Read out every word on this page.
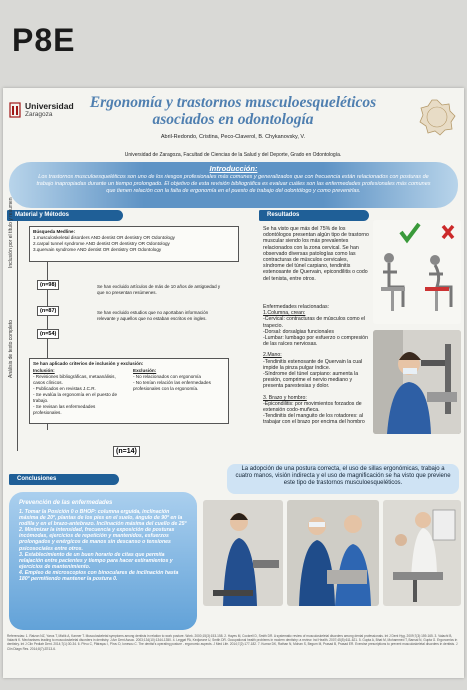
P8E
Universidad
Zaragoza
Ergonomía y trastornos musculoesqueléticos asociados en odontología
Abril-Redondo, Cristina, Peco-Claverol, B. Chykanovsky, V.
Universidad de Zaragoza, Facultad de Ciencias de la Salud y del Deporte, Grado en Odontología.
Introducción:

Los trastornos musculoesqueléticos son uno de los riesgos profesionales más comunes y generalizados que con frecuencia están relacionados con posturas de trabajo inapropiadas durante un tiempo prolongado. El objetivo de esta revisión bibliográfica es evaluar cuáles son las enfermedades profesionales más comunes que tienen relación con la falta de ergonomía en el puesto de trabajo del odontólogo y como prevenirlas.

Material y Métodos
Inclusión por el título y resumen
Análisis de texto completo
Búsqueda Medline:
1.musculoskeletal disorders AND dentist OR dentistry OR Odontology
2.carpal tunnel syndrome AND dentist OR dentistry OR Odontology
3.quervain syndrome AND dentist OR dentistry OR Odontology
(n=98)	Se han excluido artículos de más de 10 años de antigüedad y que no presentan resúmenes.
(n=87)	Se han excluido estudios que no aportaban información relevante y aquellos que no estaban escritos en ingles.
(n=54)
Se han aplicado criterios de inclusión y exclusión:
Inclusión:
- Revisiones bibliográficas, metaanálisis, casos clínicos.
- Publicados en revistas J.C.R.
- Se evalúa la ergonomía en el puesto de trabajo.
- Se revisan las enfermedades profesionales.
Exclusión:
- No relacionados con ergonomía
- No tenían relación las enfermedades profesionales con la ergonomía.
(n=14)
Resultados
Se ha visto que más del 75% de los odontólogos presentan algún tipo de trastorno muscular siendo los más prevalentes relacionados con la zona cervical. Se han observado diversas patologías como las contracturas de músculos cervicales, síndrome del túnel carpiano, tendinitis estenosante de Quervain, epicondilitis o codo del tenista, entre otros.
Enfermedades relacionadas:
1.Columna, crean:
-Cervical: contracturas de músculos como el trapecio.
-Dorsal: dorsalgias funcionales
-Lumbar: lumbago por esfuerzo o compresión de las raíces nerviosas.
2.Mano:
-Tendinitis estenosante de Quervain la cual impide la pinza pulgar índice.
-Síndrome del túnel carpiano: aumenta la presión, comprime el nervio mediano y presenta parestesias y dolor.
3. Brazo y hombro:
-Epicondilitis: por movimientos forzados de extensión codo-muñeca.
-Tendinitis del manguito de los rotadores: al trabajar con el brazo por encima del hombro
La adopción de una postura correcta, el uso de sillas ergonómicas, trabajo a cuatro manos, visión indirecta y el uso de magnificación se ha visto que previene este tipo de trastornos musculoesqueléticos.
Conclusiones
Prevención de las enfermedades
1. Tomar la Posición 0 o BHOP: columna erguida, inclinación máxima de 20º, plantas de los pies en el suelo, ángulo de 90º en la rodilla y en el brazo-antebrazo. Inclinación máxima del cuello de 25º
2. Minimizar la intensidad, frecuencia y exposición de posturas incómodas, ejercicios de repetición y mantenidos, esfuerzos prolongados y enérgicos de manos sin descanso o tensiones psicosociales entre otros.
3. Establecimiento de un buen horario de citas que permita relajación entre pacientes y tiempo para hacer estiramientos y ejercicios de mantenimiento.
4. Empleo de microscopios con binoculares de inclinación hasta 180º permitiendo mantener la postura 0.
Referencias: 1. Ratzon NZ, Yaros T, Mizlik A, Kanner T. Musculoskeletal symptoms among dentists in relation to work posture. Work. 2000;15(3):153-158. 2. Hayes M, Cockrell D, Smith DR. A systematic review of musculoskeletal disorders among dental professionals. Int J Dent Hyg. 2009;7(3):159-165. 3. Valachi B, Valachi K. Mechanisms leading to musculoskeletal disorders in dentistry. J Am Dent Assoc. 2003;134(10):1344-1350. 4. Leggat PA, Kedjarune U, Smith DR. Occupational health problems in modern dentistry: a review. Ind Health. 2007;45(5):611-621. 5. Gupta A, Bhat M, Mohammed T, Bansal N, Gupta G. Ergonomics in dentistry. Int J Clin Pediatr Dent. 2014;7(1):30-34. 6. Pîrvu C, Pătraşcu I, Pîrvu D, Ionescu C. The dentist's operating posture - ergonomic aspects. J Med Life. 2014;7(2):177-182. 7. Kumar DK, Rathan N, Mohan S, Begum M, Prasad B, Prasad ER. Exercise prescriptions to prevent musculoskeletal disorders in dentists. J Clin Diagn Res. 2014;8(7):ZE13-6.
